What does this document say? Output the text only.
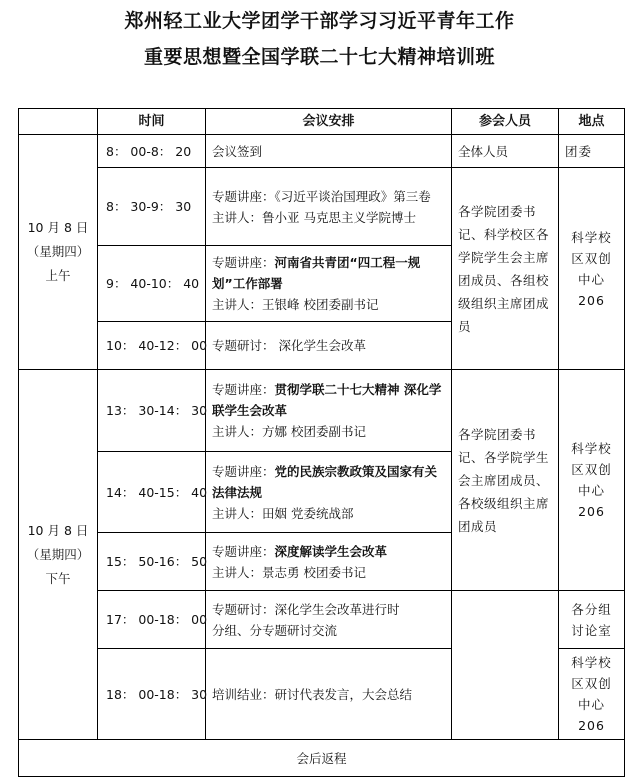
郑州轻工业大学团学干部学习习近平青年工作
重要思想暨全国学联二十七大精神培训班
	时间	会议安排	参会人员	地点

10 月 8 日
（星期四）
上午	8： 00-8： 20	会议签到	全体人员	团委
	8： 30-9： 30	专题讲座：《习近平谈治国理政》第三卷
主讲人：鲁小亚 马克思主义学院博士	各学院团委书记、科学校区各学院学生会主席团成员、各组校级组织主席团成员	科学校区双创中心 206
	9： 40-10： 40	专题讲座：河南省共青团“四工程一规划”工作部署
主讲人：王银峰 校团委副书记		
	10： 40-12： 00	专题研讨： 深化学生会改革		

10 月 8 日
（星期四）
下午	13： 30-14： 30	专题讲座：贯彻学联二十七大精神 深化学联学生会改革
主讲人：方娜 校团委副书记	各学院团委书记、各学院学生会主席团成员、各校级组织主席团成员	科学校区双创中心 206
	14： 40-15： 40	专题讲座：党的民族宗教政策及国家有关法律法规
主讲人：田姻 党委统战部		
	15： 50-16： 50	专题讲座：深度解读学生会改革
主讲人：景志勇 校团委书记		
	17： 00-18： 00	专题研讨：深化学生会改革进行时
分组、分专题研讨交流		各分组讨论室
	18： 00-18： 30	培训结业：研讨代表发言，大会总结		科学校区双创中心 206
会后返程				
